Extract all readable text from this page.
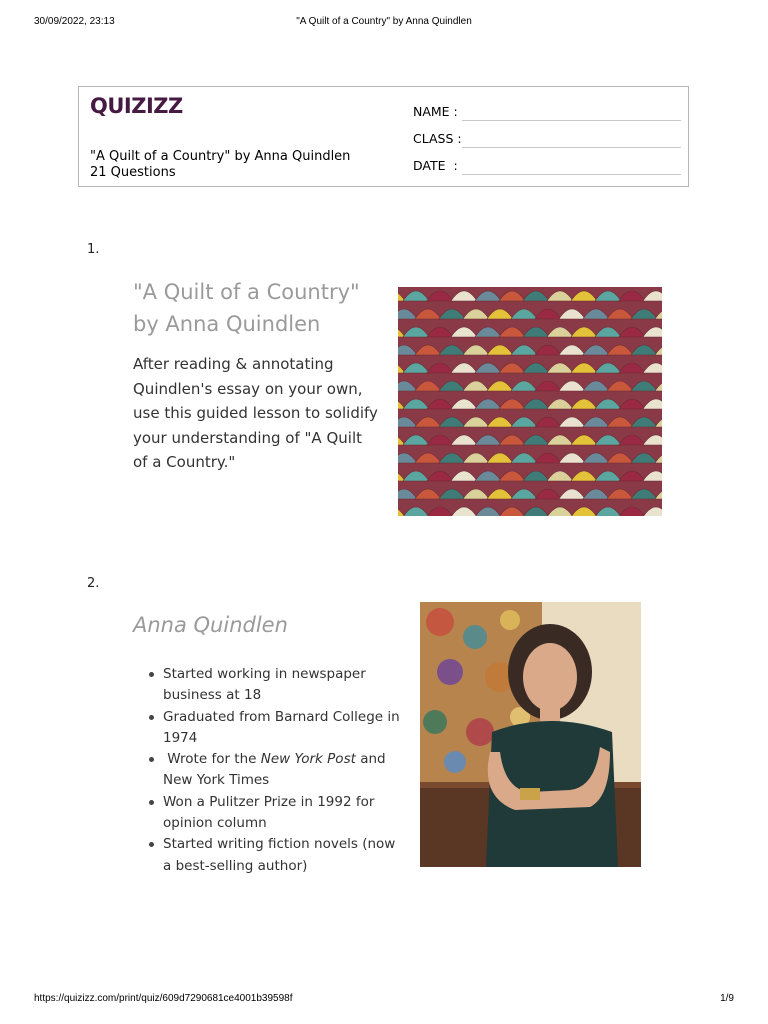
30/09/2022, 23:13	"A Quilt of a Country" by Anna Quindlen
QUIZIZZ
"A Quilt of a Country" by Anna Quindlen
21 Questions
NAME :
CLASS :
DATE  :
1.
"A Quilt of a Country"
by Anna Quindlen
After reading & annotating Quindlen's essay on your own, use this guided lesson to solidify your understanding of "A Quilt of a Country."
2.
Anna Quindlen
Started working in newspaper business at 18
Graduated from Barnard College in 1974
Wrote for the New York Post and New York Times
Won a Pulitzer Prize in 1992 for opinion column
Started writing fiction novels (now a best-selling author)
https://quizizz.com/print/quiz/609d7290681ce4001b39598f	1/9
